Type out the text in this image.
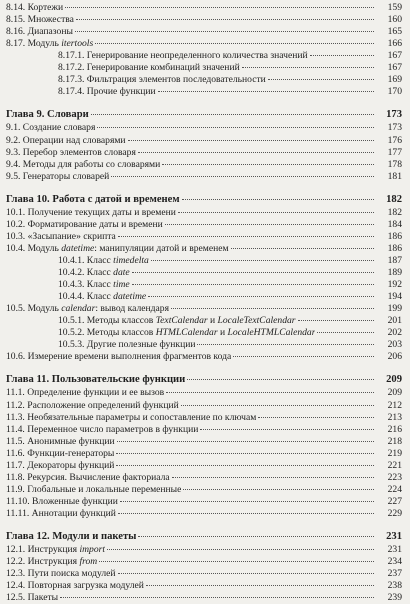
8.14. Кортежи	159
8.15. Множества	160
8.16. Диапазоны	165
8.17. Модуль itertools	166
8.17.1. Генерирование неопределенного количества значений	167
8.17.2. Генерирование комбинаций значений	167
8.17.3. Фильтрация элементов последовательности	169
8.17.4. Прочие функции	170
Глава 9. Словари	173
9.1. Создание словаря	173
9.2. Операции над словарями	176
9.3. Перебор элементов словаря	177
9.4. Методы для работы со словарями	178
9.5. Генераторы словарей	181
Глава 10. Работа с датой и временем	182
10.1. Получение текущих даты и времени	182
10.2. Форматирование даты и времени	184
10.3. «Засыпание» скрипта	186
10.4. Модуль datetime: манипуляции датой и временем	186
10.4.1. Класс timedelta	187
10.4.2. Класс date	189
10.4.3. Класс time	192
10.4.4. Класс datetime	194
10.5. Модуль calendar: вывод календаря	199
10.5.1. Методы классов TextCalendar и LocaleTextCalendar	201
10.5.2. Методы классов HTMLCalendar и LocaleHTMLCalendar	202
10.5.3. Другие полезные функции	203
10.6. Измерение времени выполнения фрагментов кода	206
Глава 11. Пользовательские функции	209
11.1. Определение функции и ее вызов	209
11.2. Расположение определений функций	212
11.3. Необязательные параметры и сопоставление по ключам	213
11.4. Переменное число параметров в функции	216
11.5. Анонимные функции	218
11.6. Функции-генераторы	219
11.7. Декораторы функций	221
11.8. Рекурсия. Вычисление факториала	223
11.9. Глобальные и локальные переменные	224
11.10. Вложенные функции	227
11.11. Аннотации функций	229
Глава 12. Модули и пакеты	231
12.1. Инструкция import	231
12.2. Инструкция from	234
12.3. Пути поиска модулей	237
12.4. Повторная загрузка модулей	238
12.5. Пакеты	239
